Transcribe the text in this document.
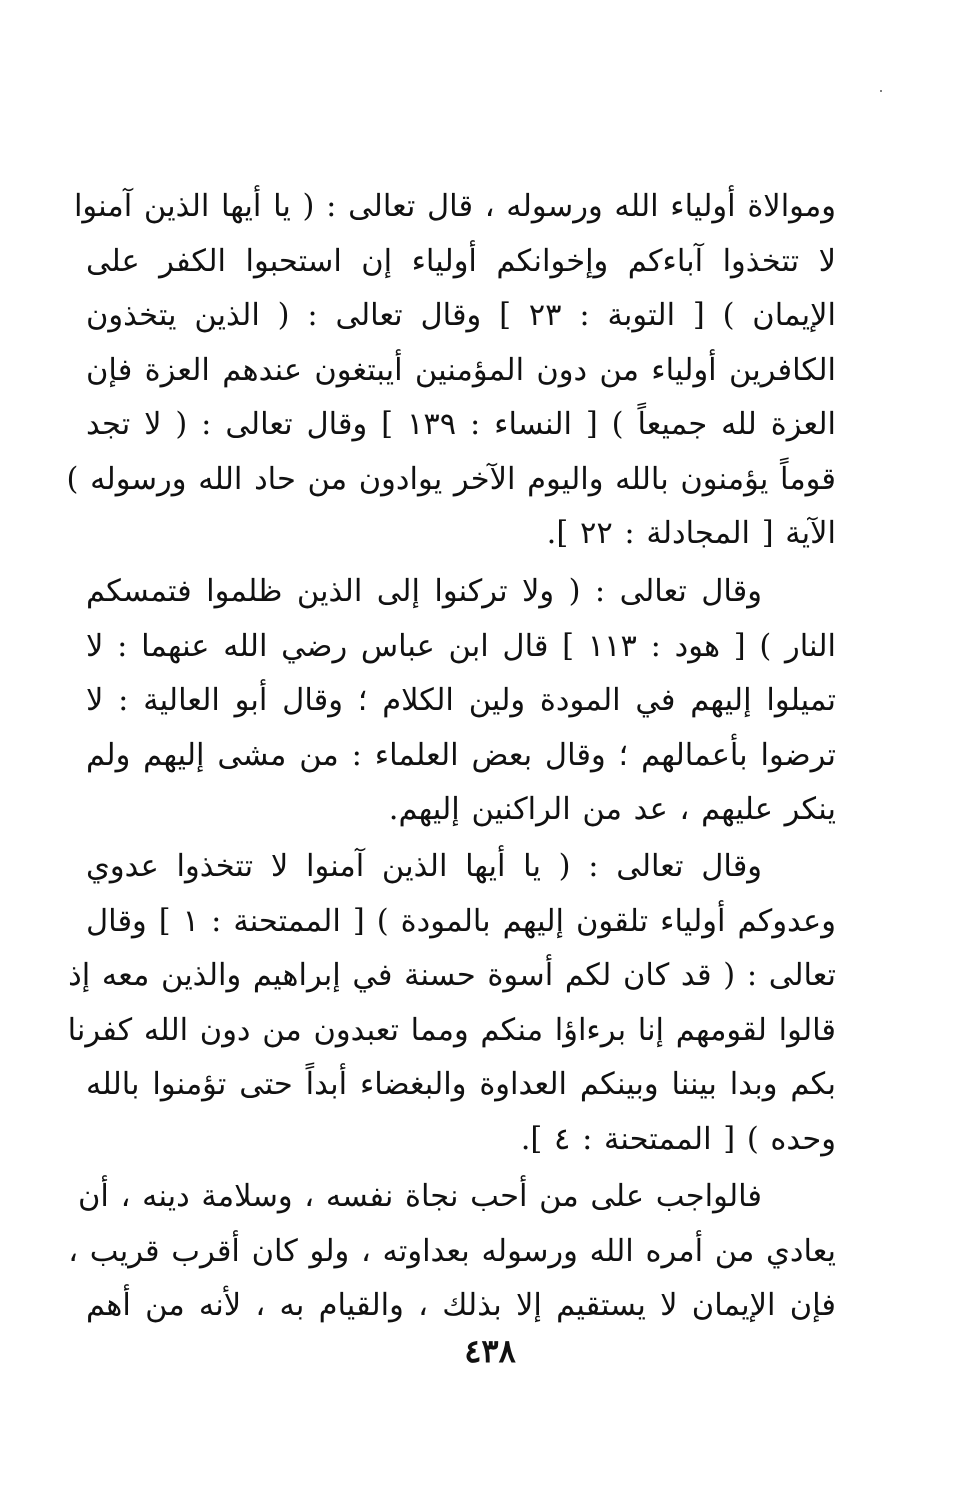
وموالاة أولياء الله ورسوله ، قال تعالى : ( يا أيها الذين آمنوا
لا تتخذوا آباءكم وإخوانكم أولياء إن استحبوا الكفر على
الإيمان ) [ التوبة : ٢٣ ] وقال تعالى : ( الذين يتخذون
الكافرين أولياء من دون المؤمنين أيبتغون عندهم العزة فإن
العزة لله جميعاً ) [ النساء : ١٣٩ ] وقال تعالى : ( لا تجد
قوماً يؤمنون بالله واليوم الآخر يوادون من حاد الله ورسوله )
الآية [ المجادلة : ٢٢ ].
وقال تعالى : ( ولا تركنوا إلى الذين ظلموا فتمسكم
النار ) [ هود : ١١٣ ] قال ابن عباس رضي الله عنهما : لا
تميلوا إليهم في المودة ولين الكلام ؛ وقال أبو العالية : لا
ترضوا بأعمالهم ؛ وقال بعض العلماء : من مشى إليهم ولم
ينكر عليهم ، عد من الراكنين إليهم.
وقال تعالى : ( يا أيها الذين آمنوا لا تتخذوا عدوي
وعدوكم أولياء تلقون إليهم بالمودة ) [ الممتحنة : ١ ] وقال
تعالى : ( قد كان لكم أسوة حسنة في إبراهيم والذين معه إذ
قالوا لقومهم إنا برءاؤا منكم ومما تعبدون من دون الله كفرنا
بكم وبدا بيننا وبينكم العداوة والبغضاء أبداً حتى تؤمنوا بالله
وحده ) [ الممتحنة : ٤ ].
فالواجب على من أحب نجاة نفسه ، وسلامة دينه ، أن
يعادي من أمره الله ورسوله بعداوته ، ولو كان أقرب قريب ،
فإن الإيمان لا يستقيم إلا بذلك ، والقيام به ، لأنه من أهم
٤٣٨
